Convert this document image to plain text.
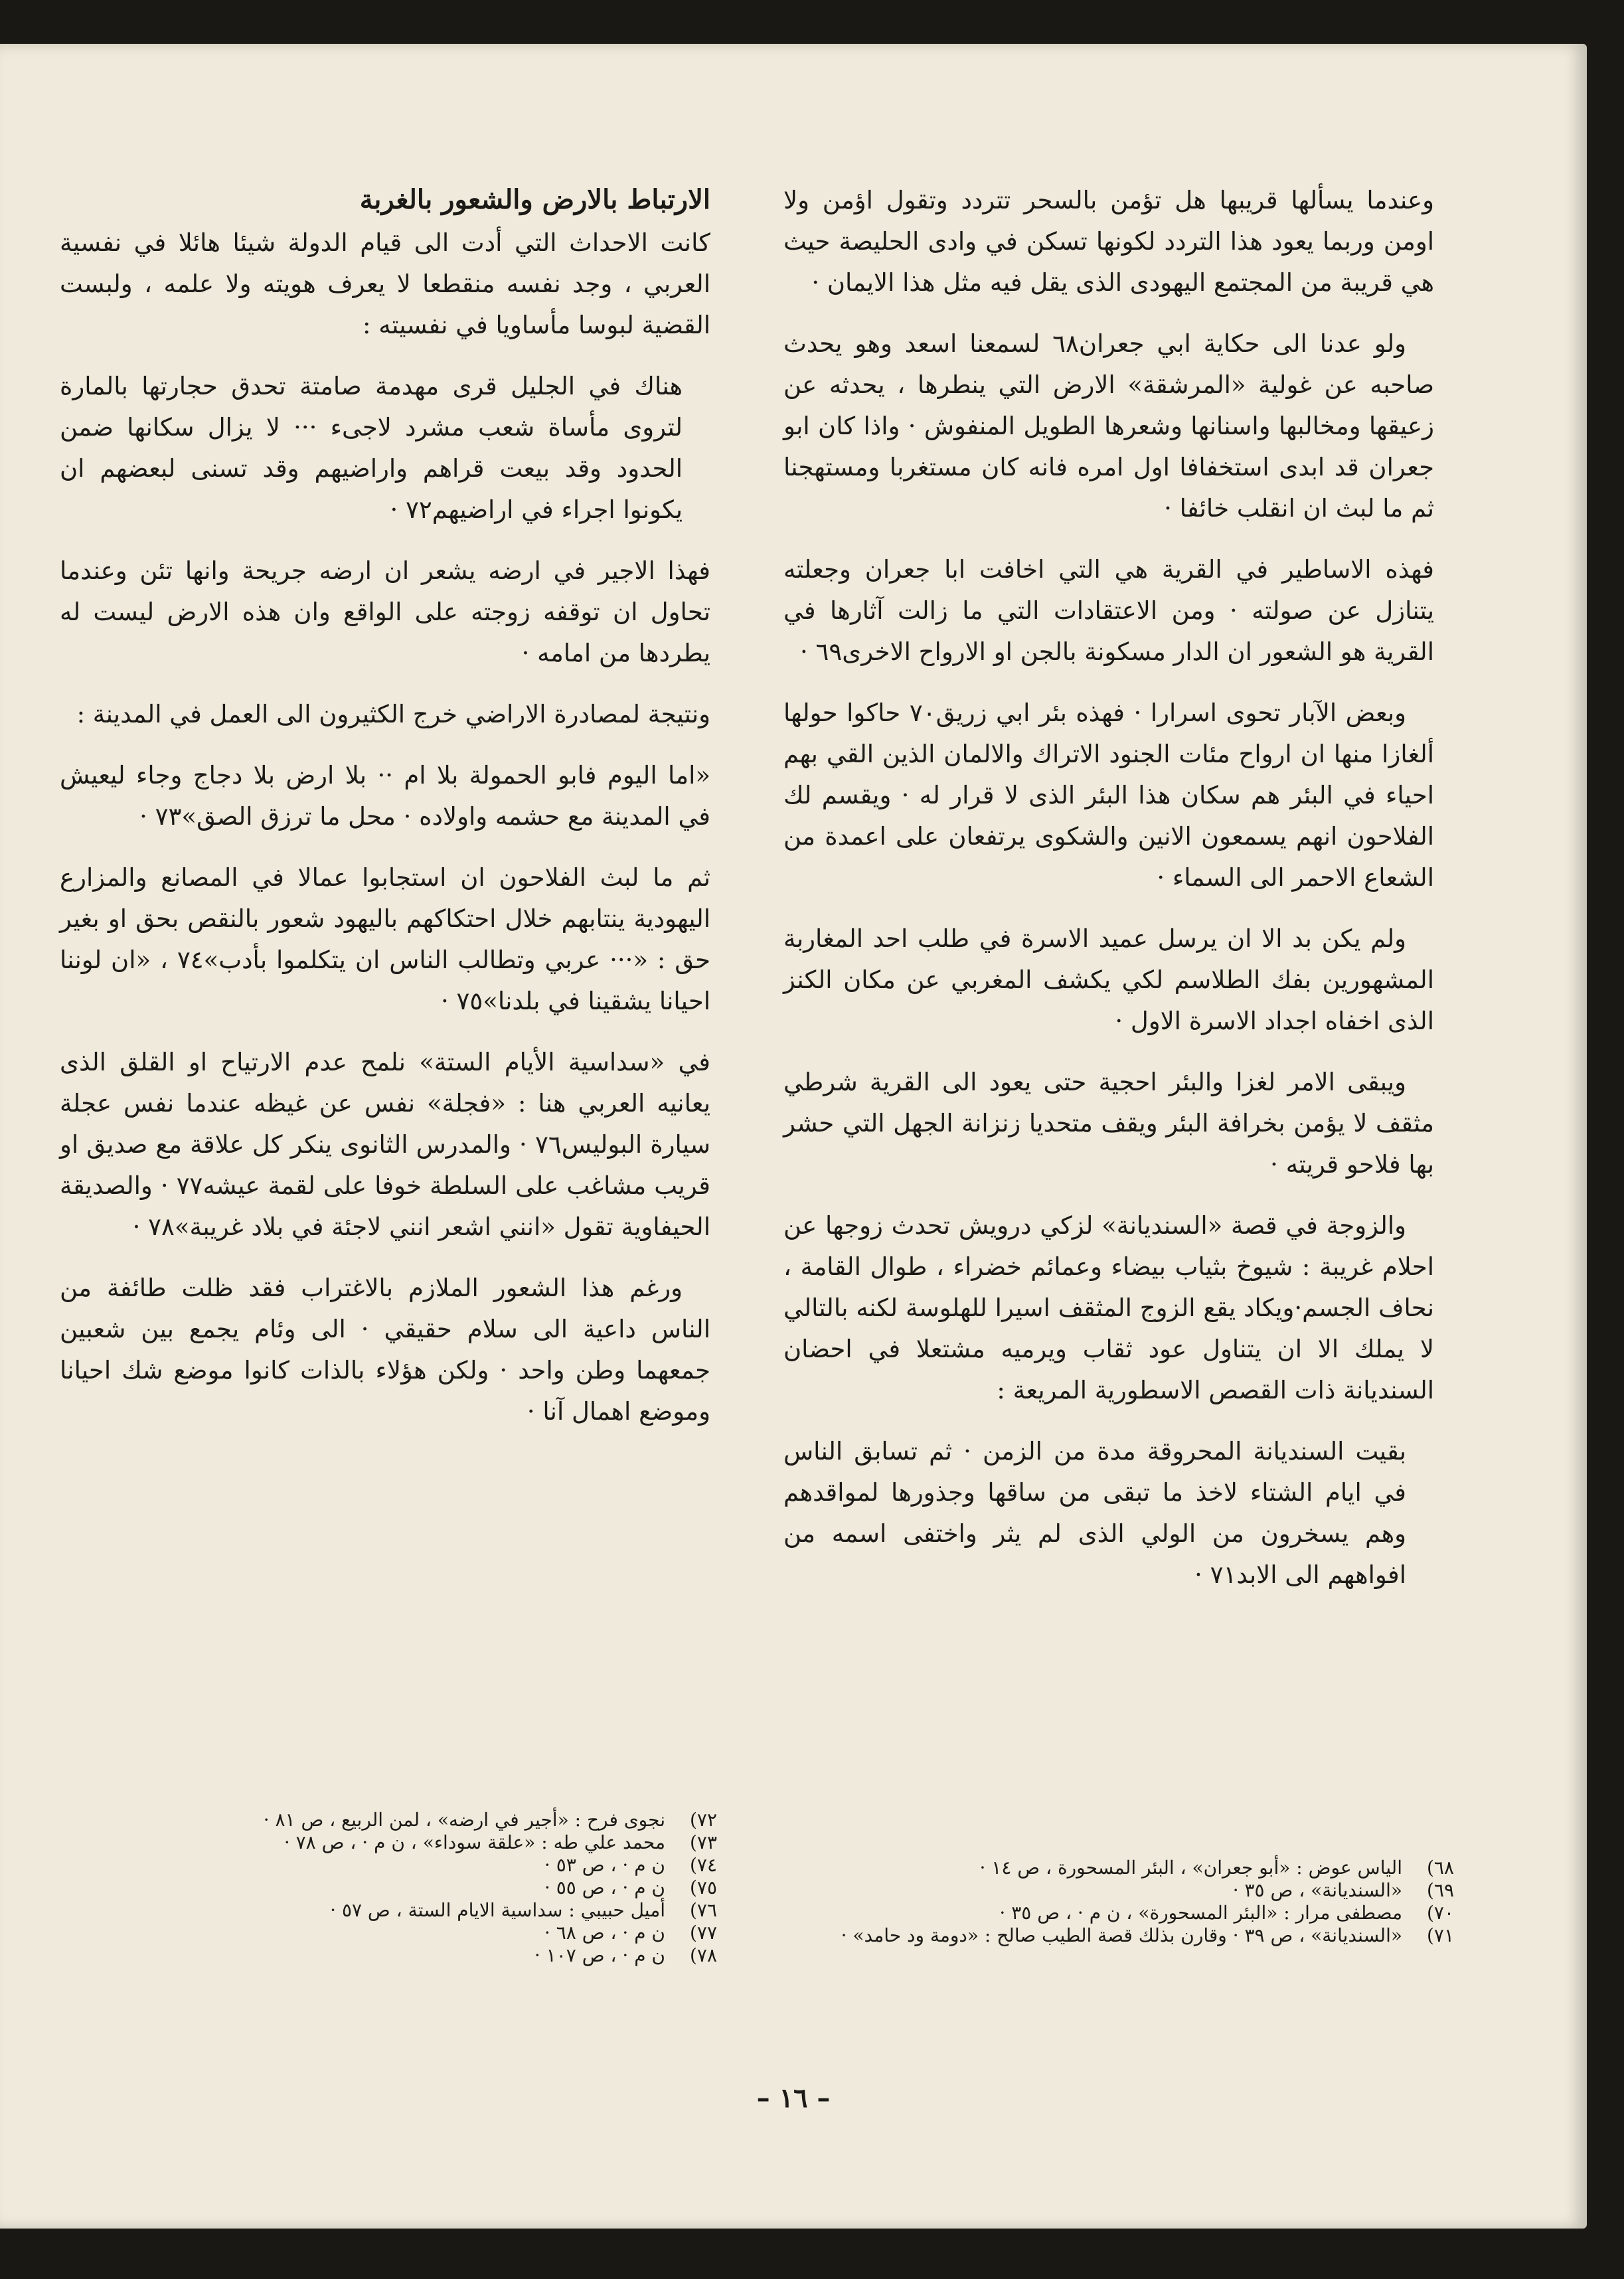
وعندما يسألها قريبها هل تؤمن بالسحر تتردد وتقول اؤمن ولا اومن وربما يعود هذا التردد لكونها تسكن في وادى الحليصة حيث هي قريبة من المجتمع اليهودى الذى يقل فيه مثل هذا الايمان ·

ولو عدنا الى حكاية ابي جعران٦٨ لسمعنا اسعد وهو يحدث صاحبه عن غولية «المرشقة» الارض التي ينطرها ، يحدثه عن زعيقها ومخالبها واسنانها وشعرها الطويل المنفوش · واذا كان ابو جعران قد ابدى استخفافا اول امره فانه كان مستغربا ومستهجنا ثم ما لبث ان انقلب خائفا ·

فهذه الاساطير في القرية هي التي اخافت ابا جعران وجعلته يتنازل عن صولته · ومن الاعتقادات التي ما زالت آثارها في القرية هو الشعور ان الدار مسكونة بالجن او الارواح الاخرى٦٩ ·

وبعض الآبار تحوى اسرارا · فهذه بئر ابي زريق٧٠ حاكوا حولها ألغازا منها ان ارواح مئات الجنود الاتراك والالمان الذين القي بهم احياء في البئر هم سكان هذا البئر الذى لا قرار له · ويقسم لك الفلاحون انهم يسمعون الانين والشكوى يرتفعان على اعمدة من الشعاع الاحمر الى السماء ·

ولم يكن بد الا ان يرسل عميد الاسرة في طلب احد المغاربة المشهورين بفك الطلاسم لكي يكشف المغربي عن مكان الكنز الذى اخفاه اجداد الاسرة الاول ·

ويبقى الامر لغزا والبئر احجية حتى يعود الى القرية شرطي مثقف لا يؤمن بخرافة البئر ويقف متحديا زنزانة الجهل التي حشر بها فلاحو قريته ·

والزوجة في قصة «السنديانة» لزكي درويش تحدث زوجها عن احلام غريبة : شيوخ بثياب بيضاء وعمائم خضراء ، طوال القامة ، نحاف الجسم·ويكاد يقع الزوج المثقف اسيرا للهلوسة لكنه بالتالي لا يملك الا ان يتناول عود ثقاب ويرميه مشتعلا في احضان السنديانة ذات القصص الاسطورية المريعة :

بقيت السنديانة المحروقة مدة من الزمن · ثم تسابق الناس في ايام الشتاء لاخذ ما تبقى من ساقها وجذورها لمواقدهم وهم يسخرون من الولي الذى لم يثر واختفى اسمه من افواههم الى الابد٧١ ·

الارتباط بالارض والشعور بالغربة

كانت الاحداث التي أدت الى قيام الدولة شيئا هائلا في نفسية العربي ، وجد نفسه منقطعا لا يعرف هويته ولا علمه ، ولبست القضية لبوسا مأساويا في نفسيته :

هناك في الجليل قرى مهدمة صامتة تحدق حجارتها بالمارة لتروى مأساة شعب مشرد لاجىء ··· لا يزال سكانها ضمن الحدود وقد بيعت قراهم واراضيهم وقد تسنى لبعضهم ان يكونوا اجراء في اراضيهم٧٢ ·

فهذا الاجير في ارضه يشعر ان ارضه جريحة وانها تئن وعندما تحاول ان توقفه زوجته على الواقع وان هذه الارض ليست له يطردها من امامه ·

ونتيجة لمصادرة الاراضي خرج الكثيرون الى العمل في المدينة :

«اما اليوم فابو الحمولة بلا ام ·· بلا ارض بلا دجاج وجاء ليعيش في المدينة مع حشمه واولاده · محل ما ترزق الصق»٧٣ ·

ثم ما لبث الفلاحون ان استجابوا عمالا في المصانع والمزارع اليهودية ينتابهم خلال احتكاكهم باليهود شعور بالنقص بحق او بغير حق : «··· عربي وتطالب الناس ان يتكلموا بأدب»٧٤ ، «ان لوننا احيانا يشقينا في بلدنا»٧٥ ·

في «سداسية الأيام الستة» نلمح عدم الارتياح او القلق الذى يعانيه العربي هنا : «فجلة» نفس عن غيظه عندما نفس عجلة سيارة البوليس٧٦ · والمدرس الثانوى ينكر كل علاقة مع صديق او قريب مشاغب على السلطة خوفا على لقمة عيشه٧٧ · والصديقة الحيفاوية تقول «انني اشعر انني لاجئة في بلاد غريبة»٧٨ ·

ورغم هذا الشعور الملازم بالاغتراب فقد ظلت طائفة من الناس داعية الى سلام حقيقي · الى وئام يجمع بين شعبين جمعهما وطن واحد · ولكن هؤلاء بالذات كانوا موضع شك احيانا وموضع اهمال آنا ·

٦٨)
الياس عوض : «أبو جعران» ، البئر المسحورة ، ص ١٤ ·
٦٩)
«السنديانة» ، ص ٣٥ ·
٧٠)
مصطفى مرار : «البئر المسحورة» ، ن م · ، ص ٣٥ ·
٧١)
«السنديانة» ، ص ٣٩ · وقارن بذلك قصة الطيب صالح : «دومة ود حامد» ·
٧٢)
نجوى فرح : «أجير في ارضه» ، لمن الربيع ، ص ٨١ ·
٧٣)
محمد علي طه : «علقة سوداء» ، ن م · ، ص ٧٨ ·
٧٤)
ن م · ، ص ٥٣ ·
٧٥)
ن م · ، ص ٥٥ ·
٧٦)
أميل حبيبي : سداسية الايام الستة ، ص ٥٧ ·
٧٧)
ن م · ، ص ٦٨ ·
٧٨)
ن م · ، ص ١٠٧ ·
– ١٦ –
